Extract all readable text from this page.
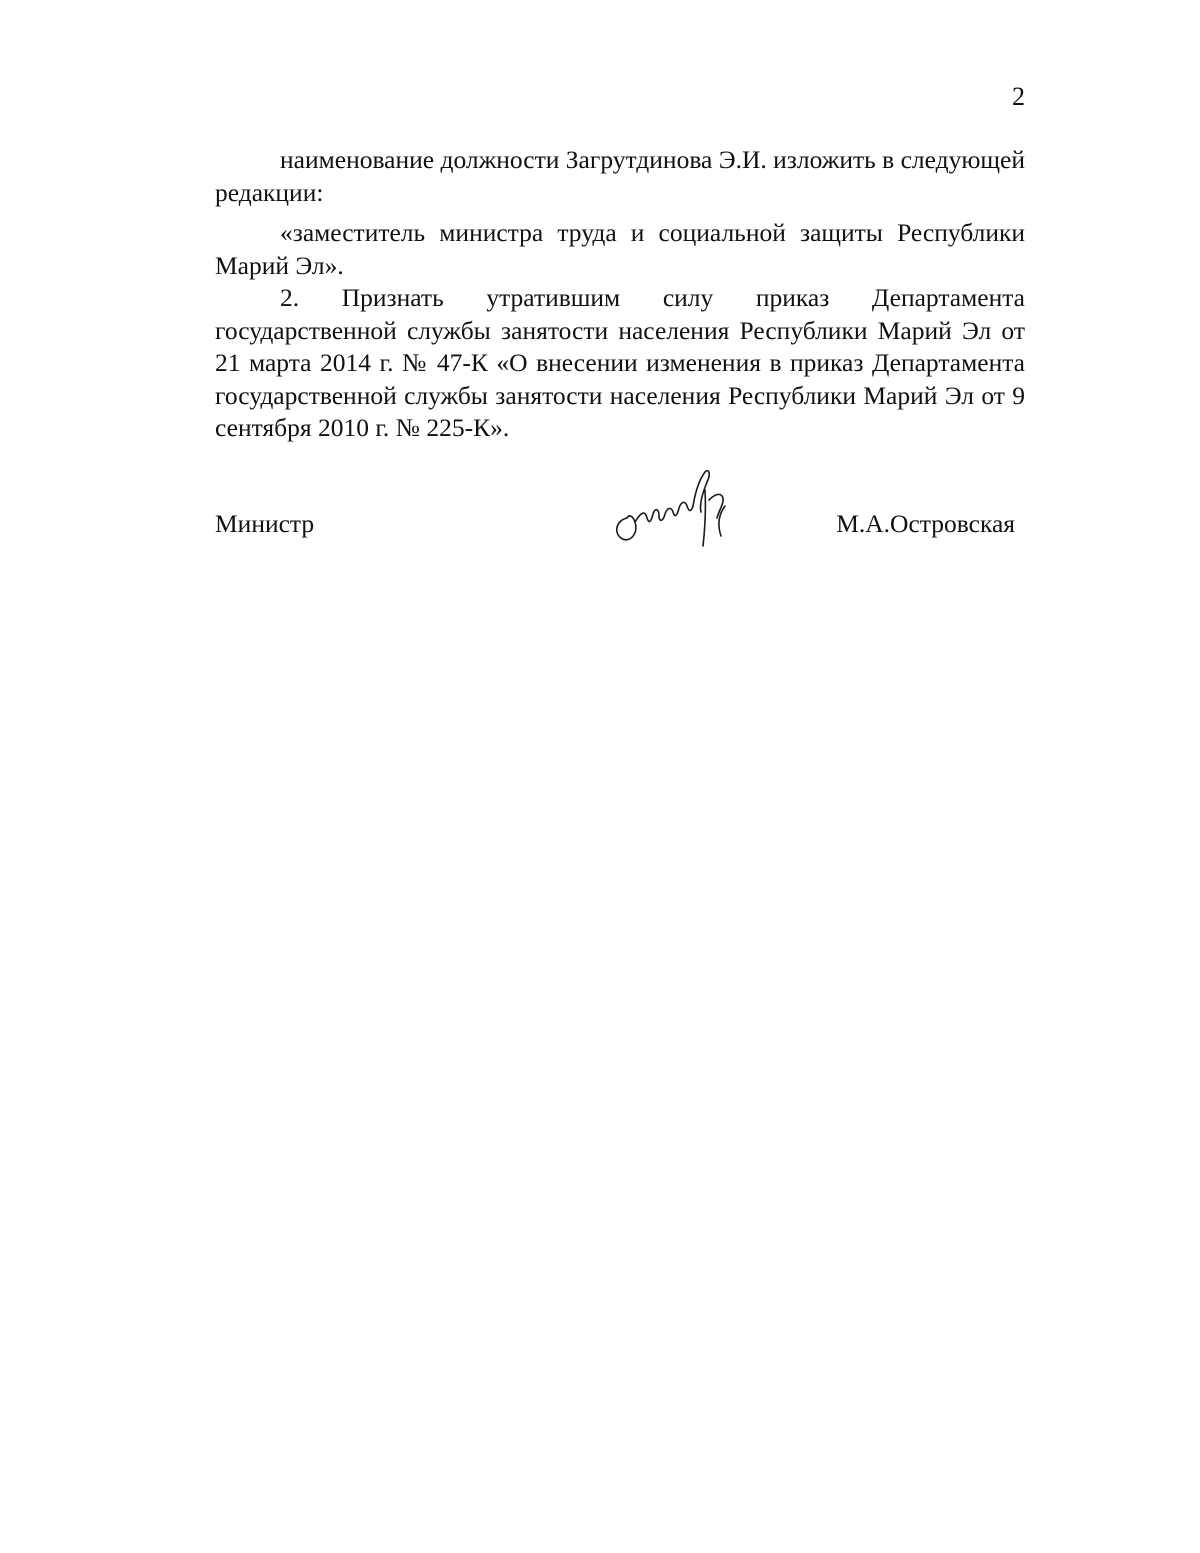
2

наименование должности Загрутдинова Э.И. изложить в следующей редакции:

«заместитель министра труда и социальной защиты Республики Марий Эл».

2. Признать утратившим силу приказ Департамента государственной службы занятости населения Республики Марий Эл от 21 марта 2014 г. № 47-К «О внесении изменения в приказ Департамента государственной службы занятости населения Республики Марий Эл от 9 сентября 2010 г. № 225-К».

Министр	М.А.Островская
